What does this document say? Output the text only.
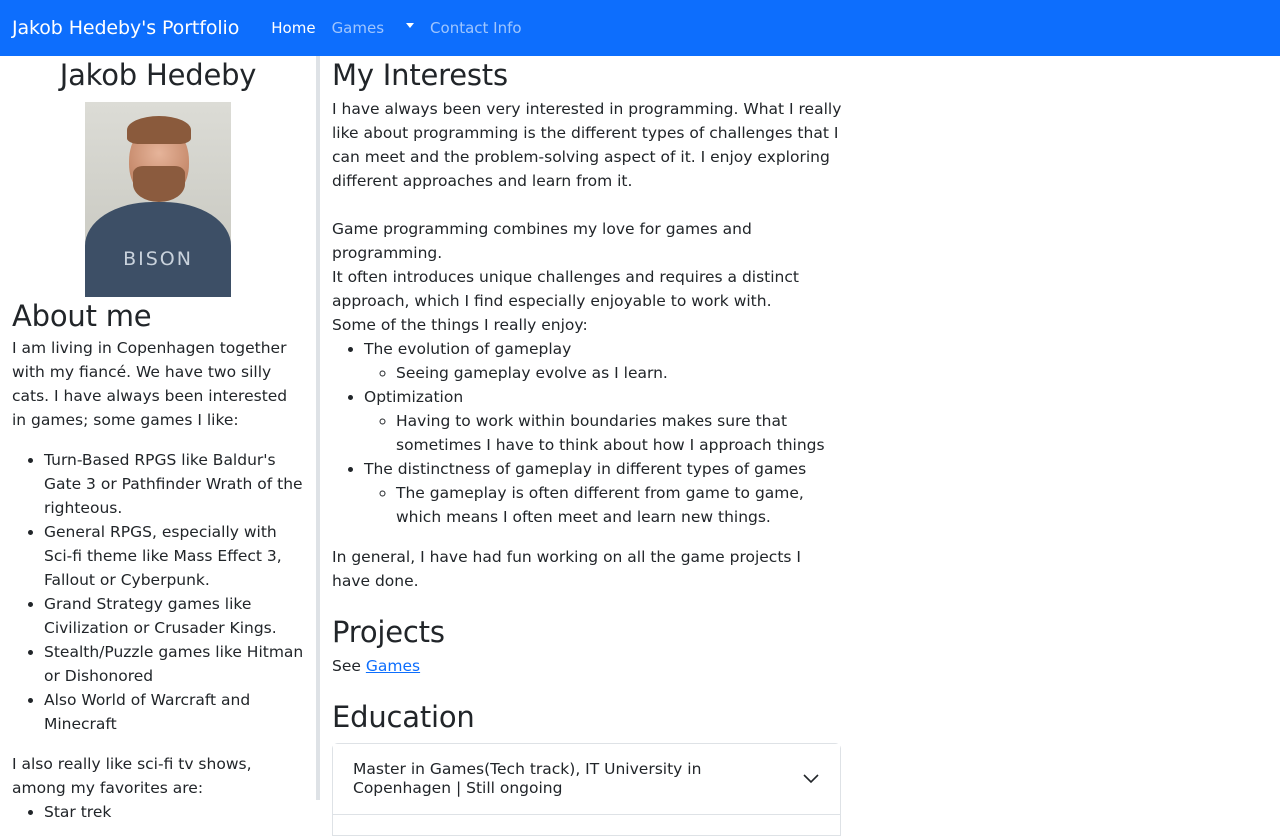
Jakob Hedeby's Portfolio	Home	Games	Contact Info
Jakob Hedeby
BISON
About me

I am living in Copenhagen together with my fiancé. We have two silly cats. I have always been interested in games; some games I like:

• Turn-Based RPGS like Baldur's Gate 3 or Pathfinder Wrath of the righteous.
• General RPGS, especially with Sci-fi theme like Mass Effect 3, Fallout or Cyberpunk.
• Grand Strategy games like Civilization or Crusader Kings.
• Stealth/Puzzle games like Hitman or Dishonored
• Also World of Warcraft and Minecraft

I also really like sci-fi tv shows, among my favorites are:

• Star trek
My Interests

I have always been very interested in programming. What I really like about programming is the different types of challenges that I can meet and the problem-solving aspect of it. I enjoy exploring different approaches and learn from it.

Game programming combines my love for games and programming.
It often introduces unique challenges and requires a distinct approach, which I find especially enjoyable to work with.
Some of the things I really enjoy:

• The evolution of gameplay
◦ Seeing gameplay evolve as I learn.
• Optimization
◦ Having to work within boundaries makes sure that sometimes I have to think about how I approach things
• The distinctness of gameplay in different types of games
◦ The gameplay is often different from game to game, which means I often meet and learn new things.

In general, I have had fun working on all the game projects I have done.

Projects

See Games

Education
Master in Games(Tech track), IT University in Copenhagen | Still ongoing
